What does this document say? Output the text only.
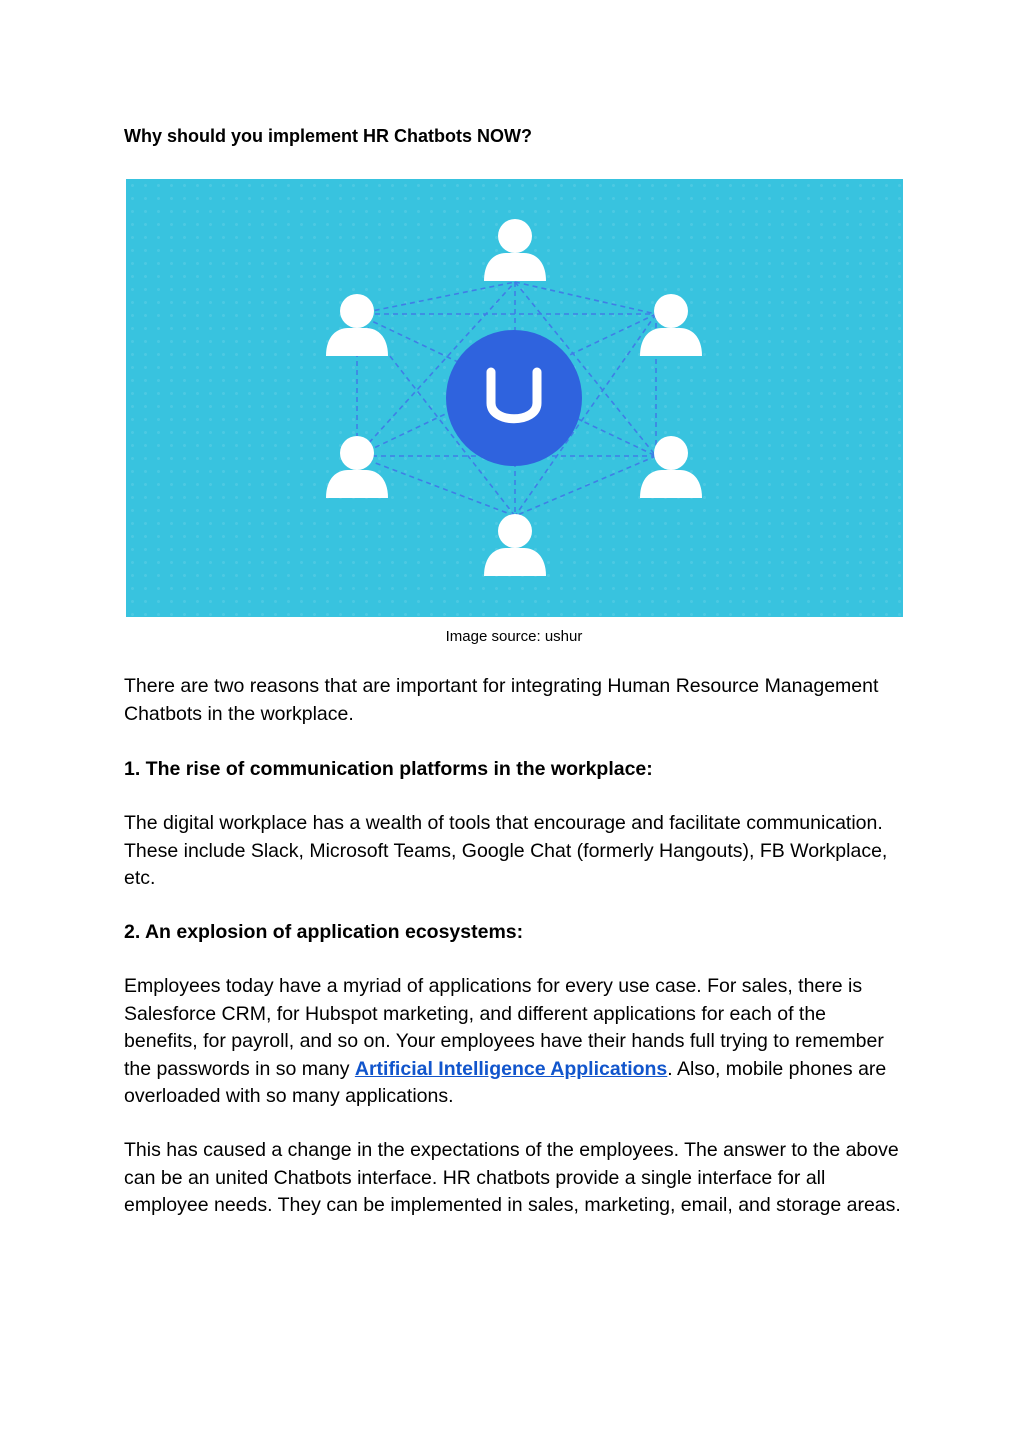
Why should you implement HR Chatbots NOW?
U
Image source: ushur

There are two reasons that are important for integrating Human Resource Management Chatbots in the workplace.

1. The rise of communication platforms in the workplace:

The digital workplace has a wealth of tools that encourage and facilitate communication. These include Slack, Microsoft Teams, Google Chat (formerly Hangouts), FB Workplace, etc.

2. An explosion of application ecosystems:

Employees today have a myriad of applications for every use case. For sales, there is Salesforce CRM, for Hubspot marketing, and different applications for each of the benefits, for payroll, and so on. Your employees have their hands full trying to remember the passwords in so many Artificial Intelligence Applications. Also, mobile phones are overloaded with so many applications.

This has caused a change in the expectations of the employees. The answer to the above can be an united Chatbots interface. HR chatbots provide a single interface for all employee needs. They can be implemented in sales, marketing, email, and storage areas.
